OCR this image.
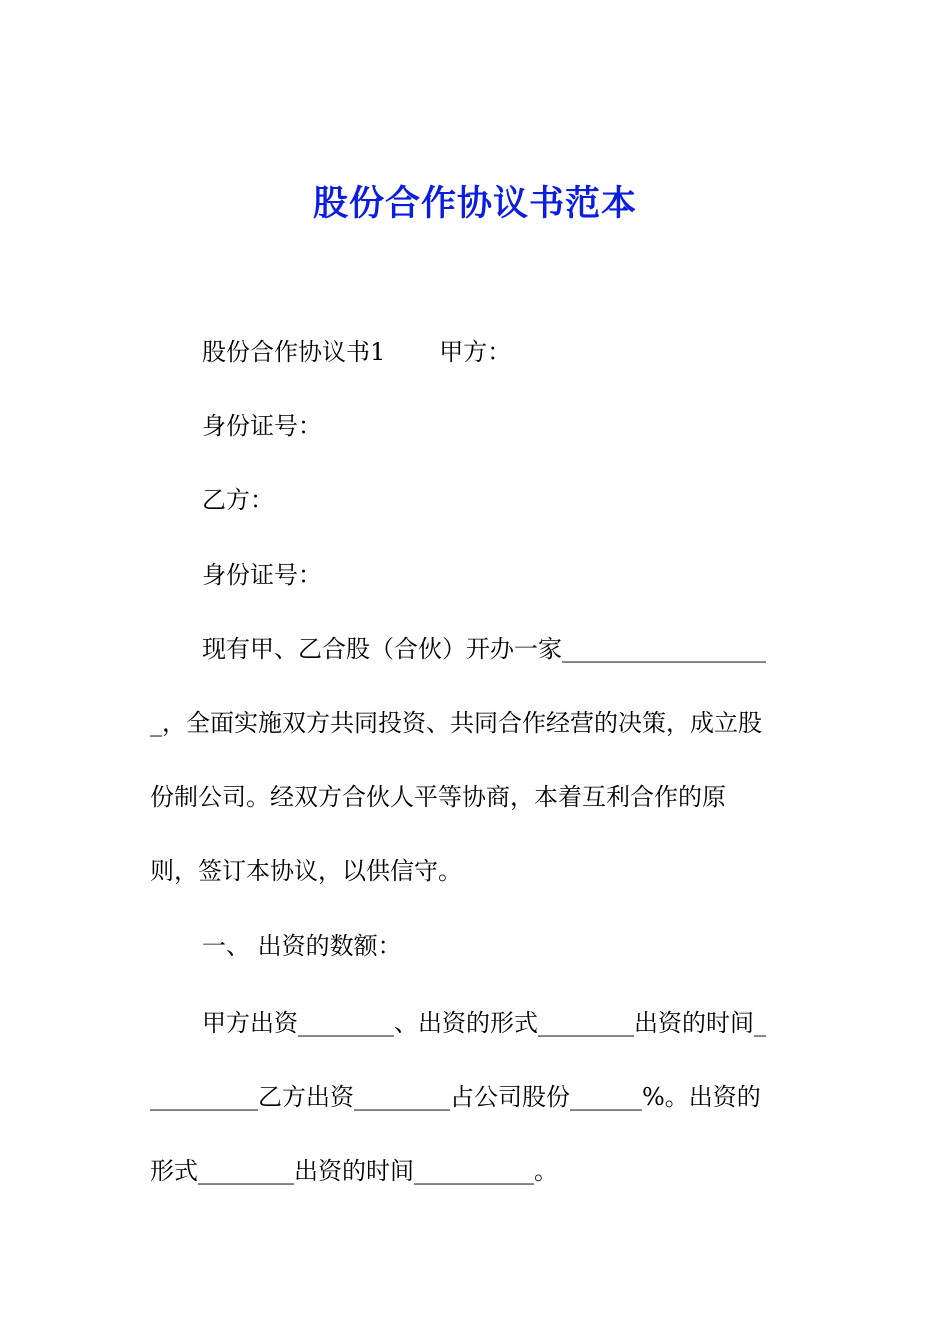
股份合作协议书范本
股份合作协议书1 甲方：
身份证号：
乙方：
身份证号：
现有甲、乙合股（合伙）开办一家_________________
_，全面实施双方共同投资、共同合作经营的决策，成立股
份制公司。经双方合伙人平等协商，本着互利合作的原
则，签订本协议，以供信守。
一、 出资的数额：
甲方出资________、出资的形式________出资的时间_
_________乙方出资________占公司股份______%。出资的
形式________出资的时间__________。
